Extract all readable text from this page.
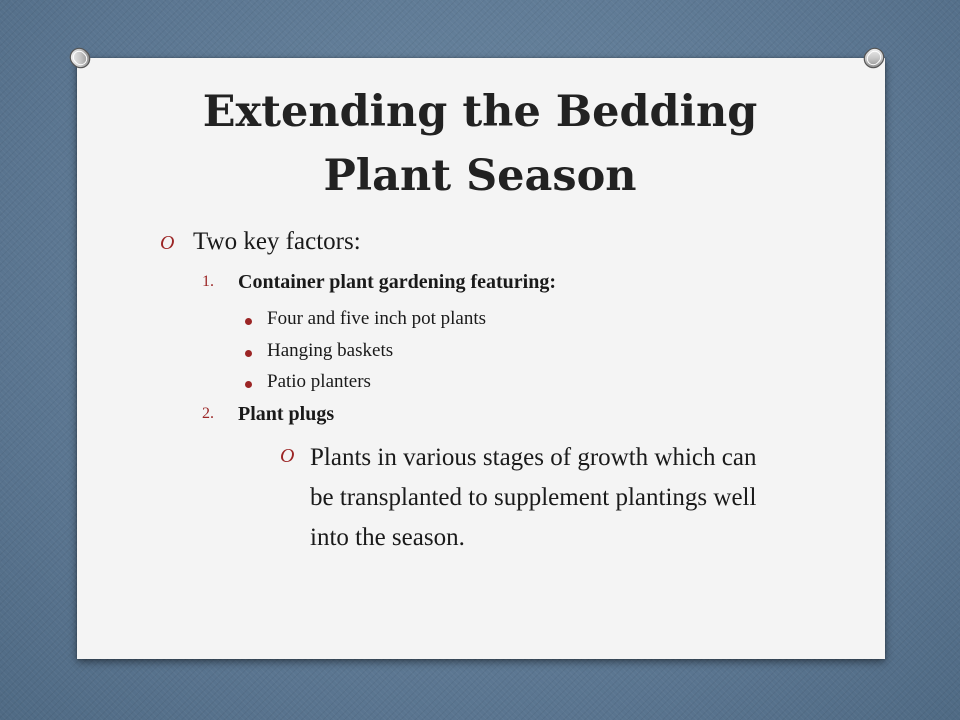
Extending the Bedding
Plant Season
O Two key factors:
1. Container plant gardening featuring:
Four and five inch pot plants
Hanging baskets
Patio planters
2. Plant plugs
O Plants in various stages of growth which can be transplanted to supplement plantings well into the season.
